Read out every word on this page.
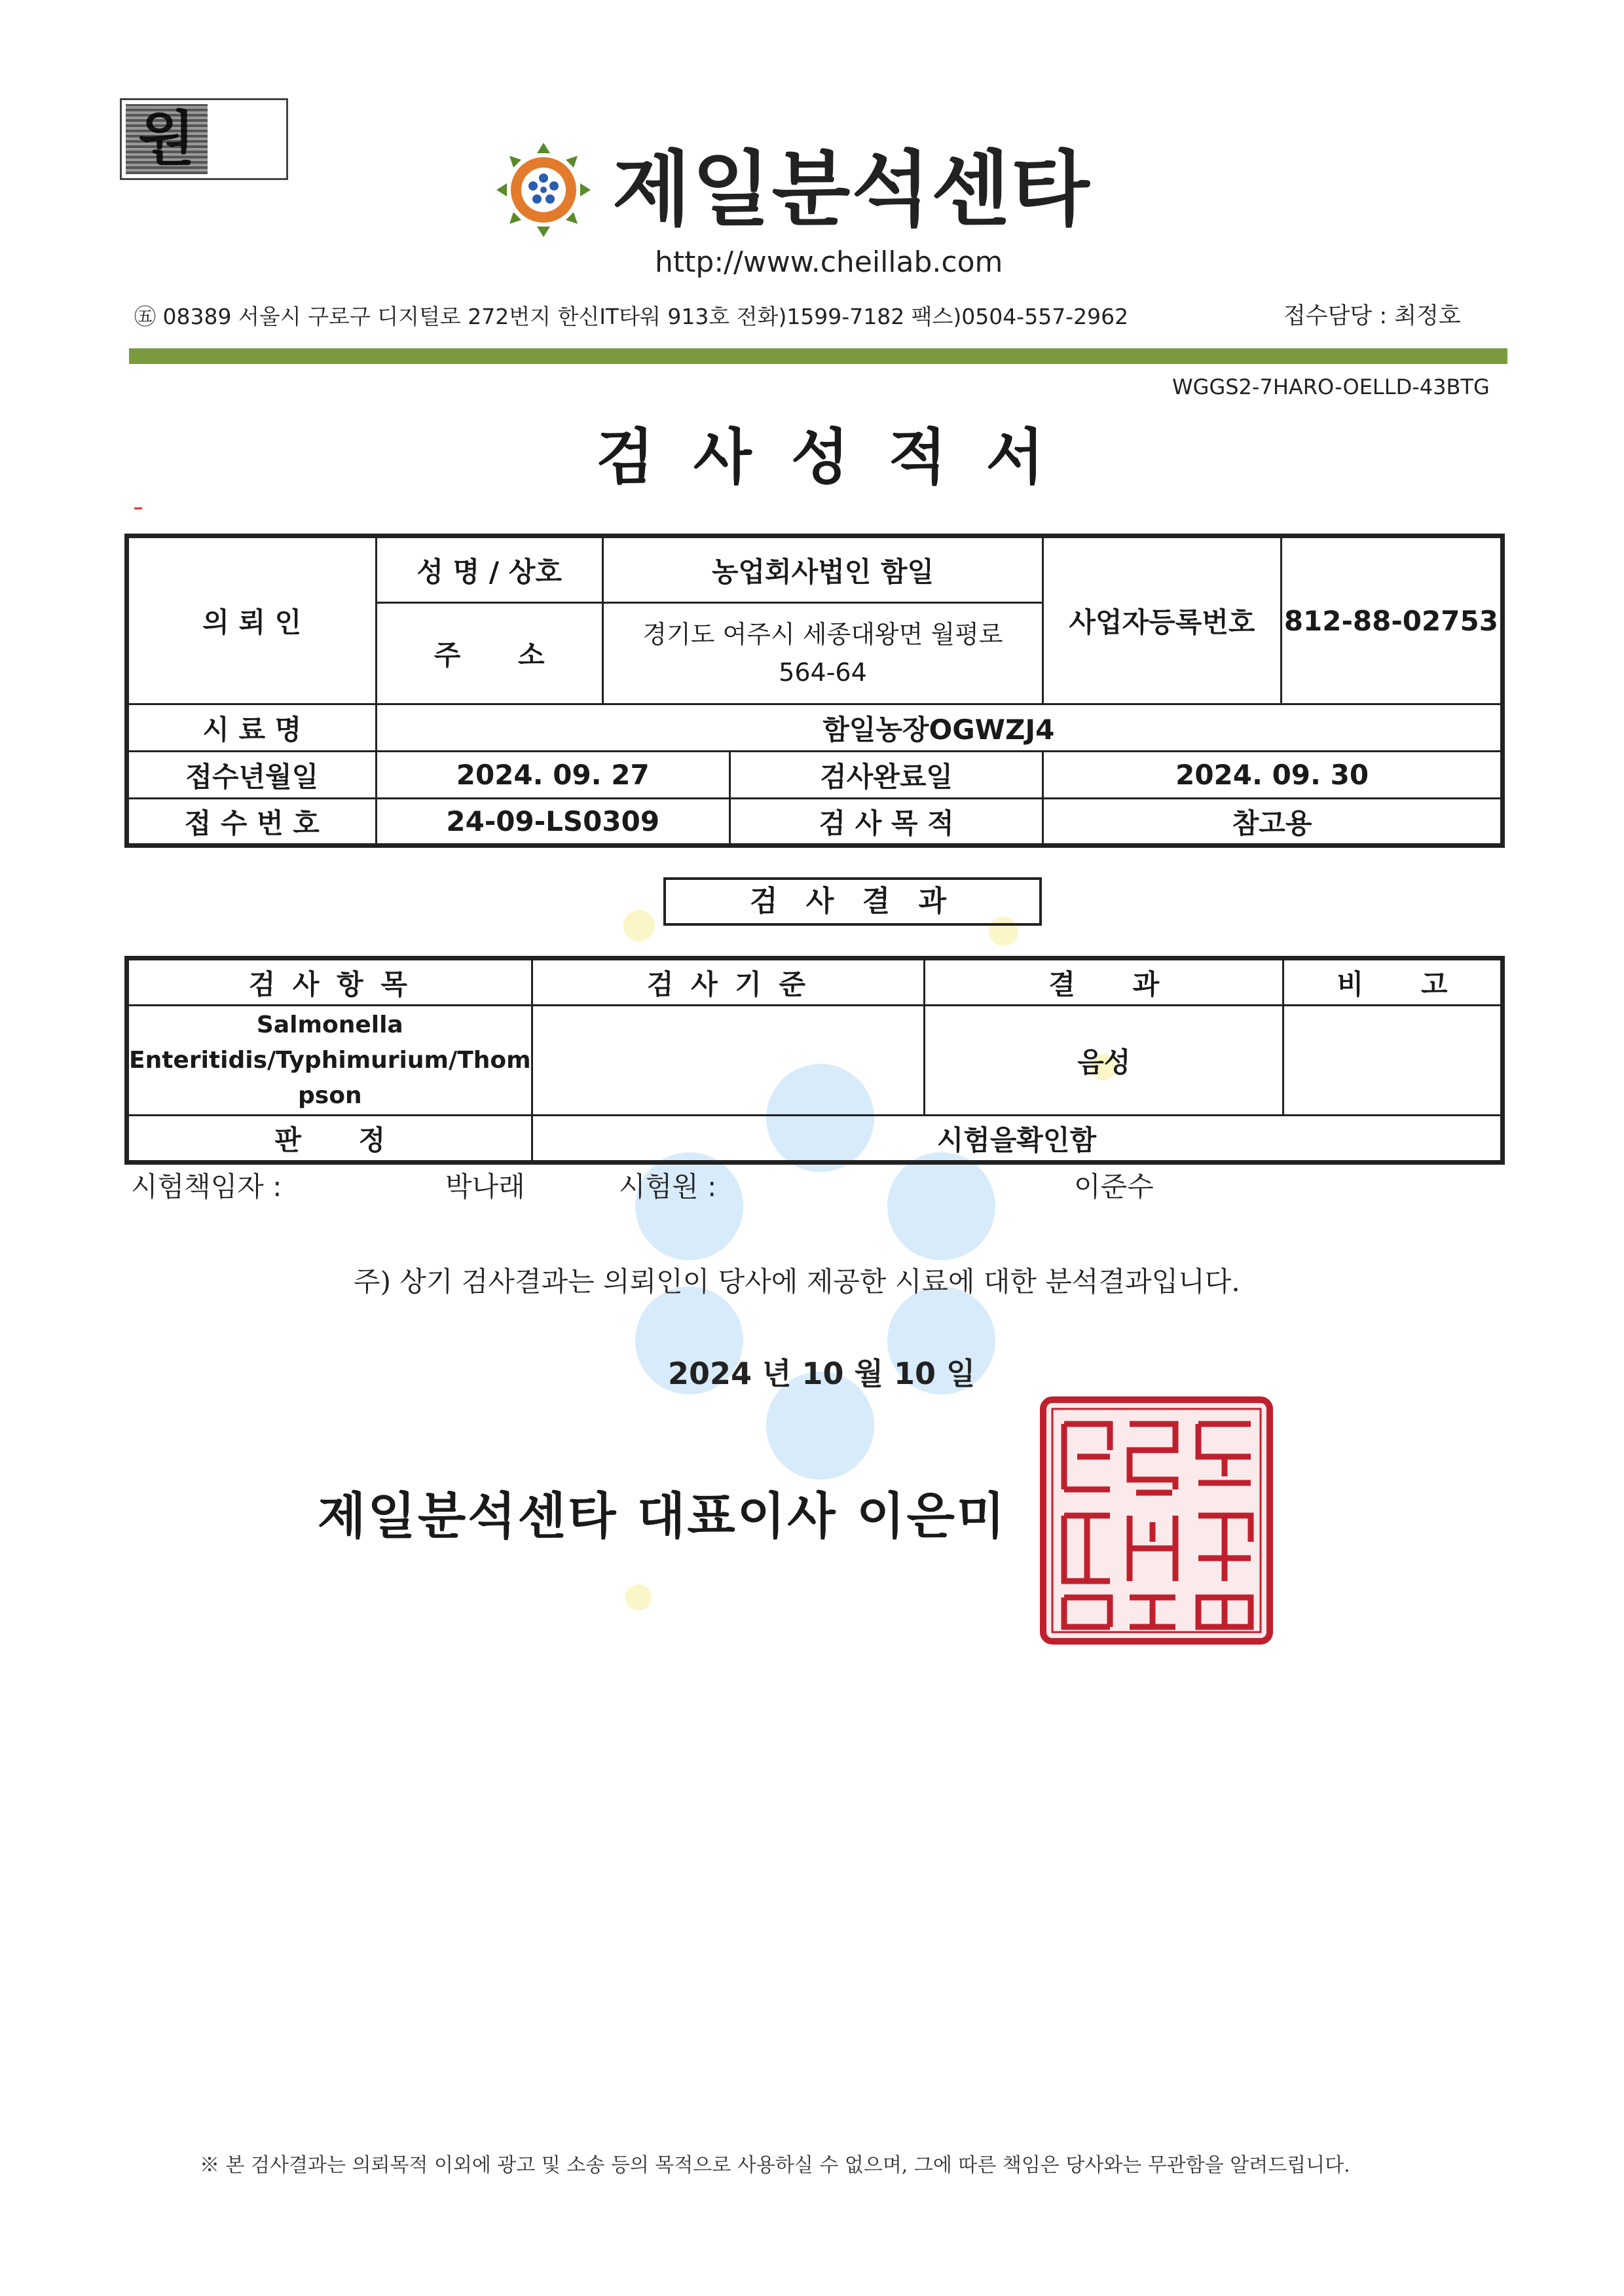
원
제일분석센타
http://www.cheillab.com
㊄ 08389 서울시 구로구 디지털로 272번지 한신IT타워 913호 전화)1599-7182 팩스)0504-557-2962	접수담당 : 최정호
WGGS2-7HARO-OELLD-43BTG
검사성적서
의 뢰 인	성 명 / 상호	농업회사법인 함일		사업자등록번호	812-88-02753
	주      소	경기도 여주시 세종대왕면 월평로
564-64			

시 료 명	함일농장OGWZJ4				
접수년월일	2024. 09. 27		검사완료일	2024. 09. 30	
접 수 번 호	24-09-LS0309		검 사 목 적	참고용	
검 사 결 과
검 사 항 목	검 사 기 준	결      과	비      고

Salmonella
Enteritidis/Typhimurium/Thom
pson		음성	
판      정	시험을확인함		
시험책임자 :	박나래	시험원 :	이준수
주) 상기 검사결과는 의뢰인이 당사에 제공한 시료에 대한 분석결과입니다.
2024 년 10 월 10 일
제일분석센타 대표이사 이은미
※ 본 검사결과는 의뢰목적 이외에 광고 및 소송 등의 목적으로 사용하실 수 없으며, 그에 따른 책임은 당사와는 무관함을 알려드립니다.
